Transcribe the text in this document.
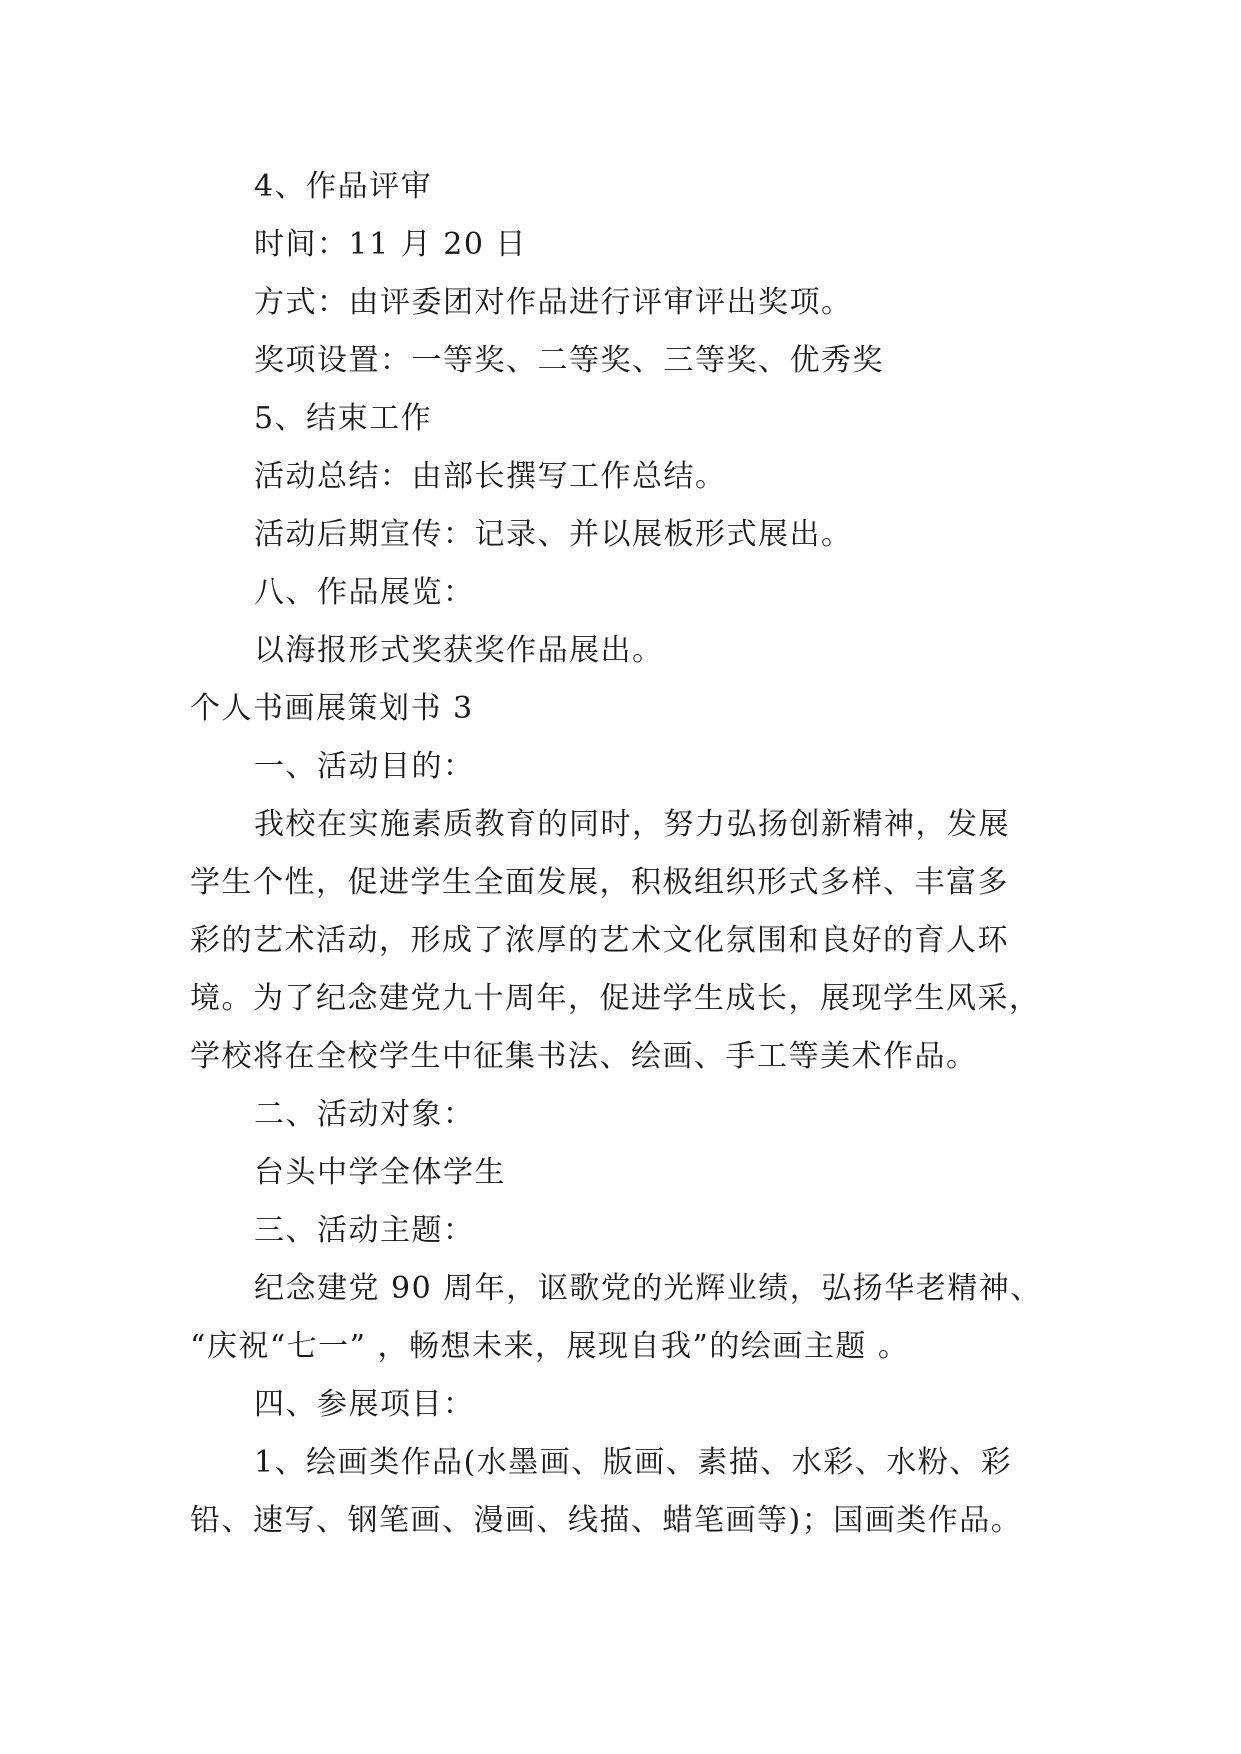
4、作品评审
时间：11 月 20 日
方式：由评委团对作品进行评审评出奖项。
奖项设置：一等奖、二等奖、三等奖、优秀奖
5、结束工作
活动总结：由部长撰写工作总结。
活动后期宣传：记录、并以展板形式展出。
八、作品展览：
以海报形式奖获奖作品展出。
个人书画展策划书 3
一、活动目的：
我校在实施素质教育的同时，努力弘扬创新精神，发展
学生个性，促进学生全面发展，积极组织形式多样、丰富多
彩的艺术活动，形成了浓厚的艺术文化氛围和良好的育人环
境。为了纪念建党九十周年，促进学生成长，展现学生风采，
学校将在全校学生中征集书法、绘画、手工等美术作品。
二、活动对象：
台头中学全体学生
三、活动主题：
纪念建党 90 周年，讴歌党的光辉业绩，弘扬华老精神、
“庆祝“七一” ，畅想未来，展现自我”的绘画主题 。
四、参展项目：
1、绘画类作品(水墨画、版画、素描、水彩、水粉、彩
铅、速写、钢笔画、漫画、线描、蜡笔画等)；国画类作品。
